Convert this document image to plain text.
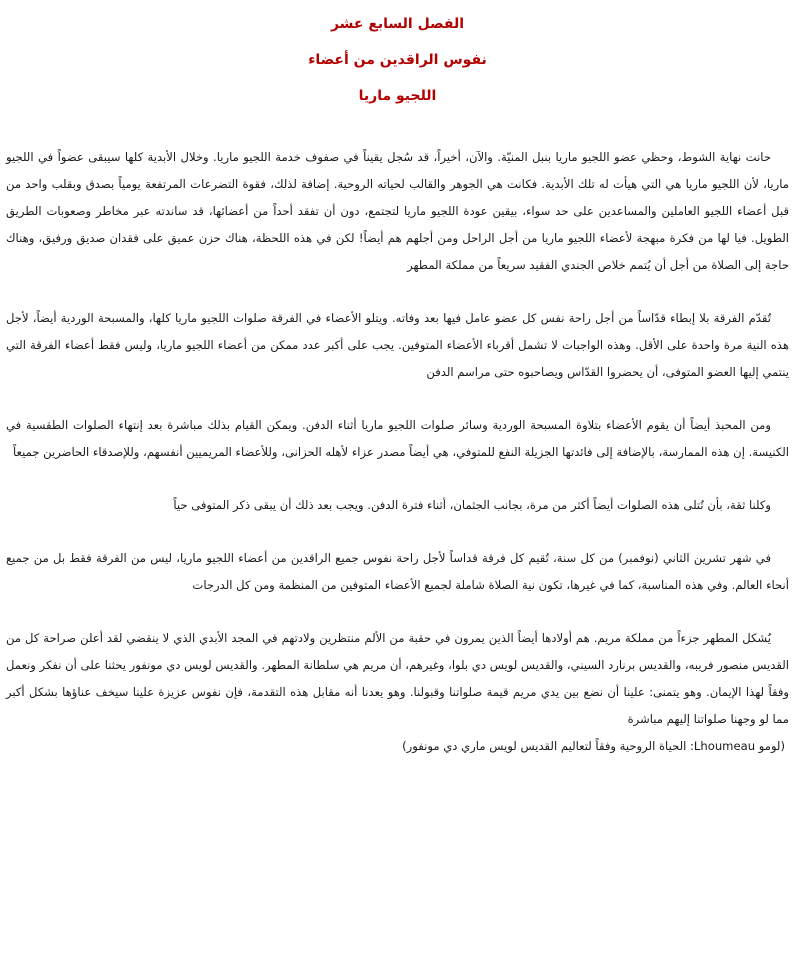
الفصل السابع عشر

نفوس الراقدين من أعضاء

اللجيو ماريا

حانت نهاية الشوط، وحظي عضو اللجيو ماريا بنبل المنيّة. والآن، أخيراً، قد سُجل يقيناً في صفوف خدمة اللجيو ماريا. وخلال الأبدية كلها سيبقى عضواً في اللجيو ماريا، لأن اللجيو ماريا هي التي هيأت له تلك الأبدية. فكانت هي الجوهر والقالب لحياته الروحية. إضافة لذلك، فقوة التضرعات المرتفعة يومياً بصدق وبقلب واحد من قبل أعضاء اللجيو العاملين والمساعدين على حد سواء، بيقين عودة اللجيو ماريا لتجتمع، دون أن تفقد أحداً من أعضائها، قد ساندته عبر مخاطر وصعوبات الطريق الطويل. فيا لها من فكرة مبهجة لأعضاء اللجيو ماريا من أجل الراحل ومن أجلهم هم أيضاً! لكن في هذه اللحظة، هناك حزن عميق على فقدان صديق ورفيق، وهناك حاجة إلى الصلاة من أجل أن يُتمم خلاص الجندي الفقيد سريعاً من مملكة المطهر

تُقدّم الفرقة بلا إبطاء قدّاساً من أجل راحة نفس كل عضو عامل فيها بعد وفاته. ويتلو الأعضاء في الفرقة صلوات اللجيو ماريا كلها، والمسبحة الوردية أيضاً، لأجل هذه النية مرة واحدة على الأقل. وهذه الواجبات لا تشمل أقرباء الأعضاء المتوفين. يجب على أكبر عدد ممكن من أعضاء اللجيو ماريا، وليس فقط أعضاء الفرقة التي ينتمي إليها العضو المتوفى، أن يحضروا القدّاس ويصاحبوه حتى مراسم الدفن

ومن المحبذ أيضاً أن يقوم الأعضاء بتلاوة المسبحة الوردية وسائر صلوات اللجيو ماريا أثناء الدفن. ويمكن القيام بذلك مباشرة بعد إنتهاء الصلوات الطقسية في الكنيسة. إن هذه الممارسة، بالإضافة إلى فائدتها الجزيلة النفع للمتوفي، هي أيضاً مصدر عزاء لأهله الحزانى، وللأعضاء المريميين أنفسهم، وللإصدقاء الحاضرين جميعاً

وكلنا ثقة، بأن تُتلى هذه الصلوات أيضاً أكثر من مرة، بجانب الجثمان، أثناء فترة الدفن. ويجب بعد ذلك أن يبقى ذكر المتوفى حياً

في شهر تشرين الثاني (نوفمبر) من كل سنة، تُقيم كل فرقة قداساً لأجل راحة نفوس جميع الراقدين من أعضاء اللجيو ماريا، ليس من الفرقة فقط بل من جميع أنحاء العالم. وفي هذه المناسبة، كما في غيرها، تكون نية الصلاة شاملة لجميع الأعضاء المتوفين من المنظمة ومن كل الدرجات

يُشكل المطهر جزءاً من مملكة مريم. هم أولادها أيضاً الذين يمرون في حقبة من الألم منتظرين ولادتهم في المجد الأبدي الذي لا ينقضي لقد أعلن صراحة كل من القديس منصور فريبه، والقديس برنارد السيني، والقديس لويس دي بلوا، وغيرهم، أن مريم هي سلطانة المطهر. والقديس لويس دي مونفور يحثنا على أن نفكر ونعمل وفقاً لهذا الإيمان. وهو يتمنى: علينا أن نضع بين يدي مريم قيمة صلواتنا وقبولنا. وهو يعدنا أنه مقابل هذه التقدمة، فإن نفوس عزيزة علينا سيخف عناؤها بشكل أكبر مما لو وجهنا صلواتنا إليهم مباشرة

(لومو Lhoumeau: الحياة الروحية وفقاً لتعاليم القديس لويس ماري دي مونفور)
